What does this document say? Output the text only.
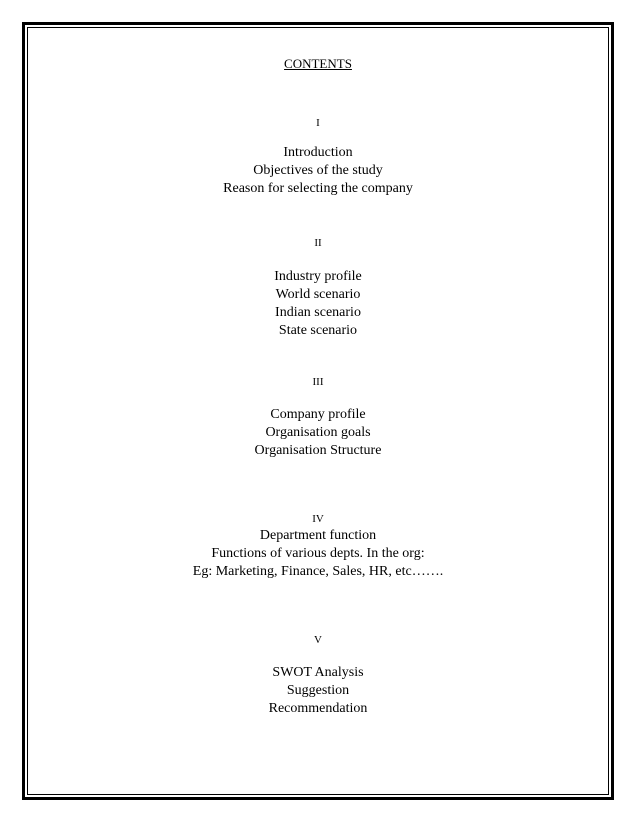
CONTENTS
I
Introduction
Objectives of the study
Reason for selecting the company
II
Industry profile
World scenario
Indian scenario
State scenario
III
Company profile
Organisation goals
Organisation Structure
IV
Department function
Functions of various depts. In the org:
Eg: Marketing, Finance, Sales, HR, etc…….
V
SWOT Analysis
Suggestion
Recommendation
